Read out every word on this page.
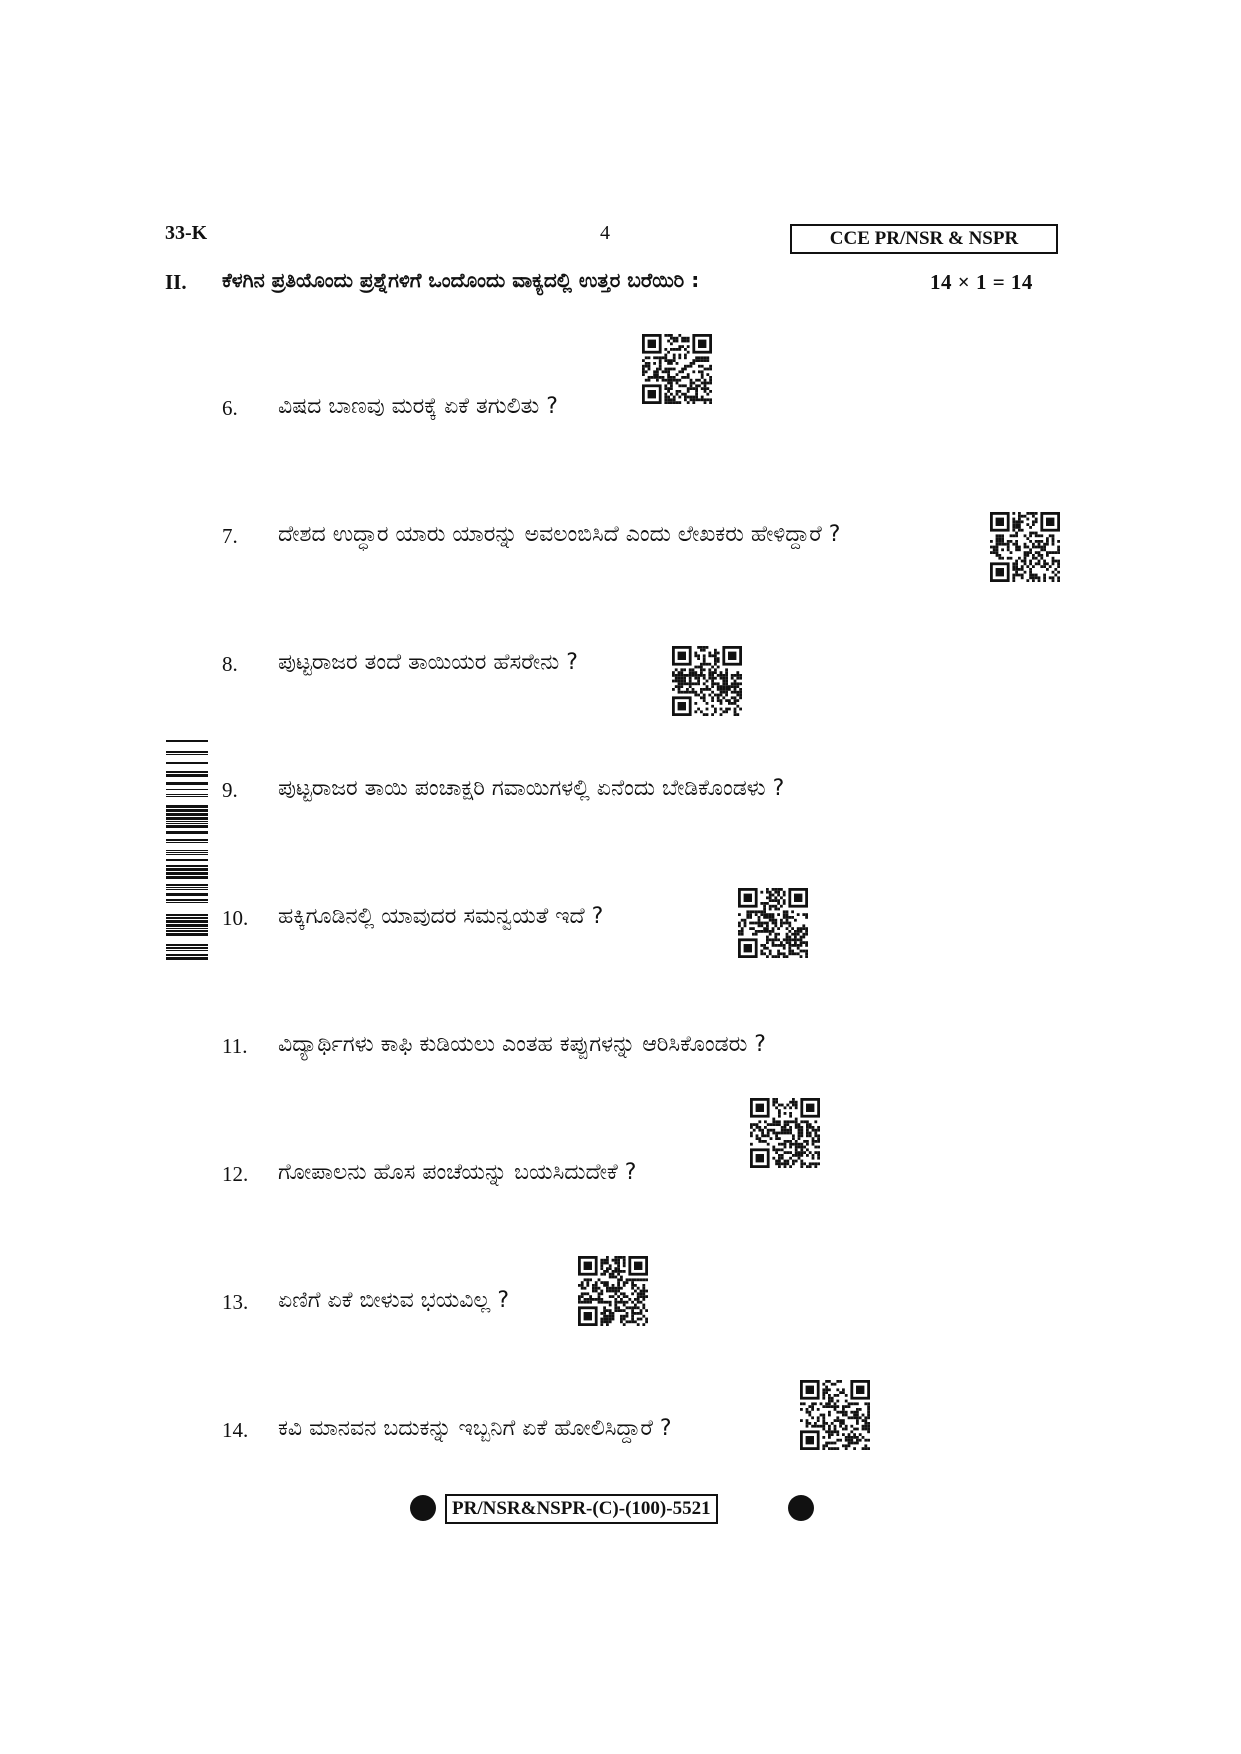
33-K	4	CCE PR/NSR & NSPR
II. ಕೆಳಗಿನ ಪ್ರತಿಯೊಂದು ಪ್ರಶ್ನೆಗಳಿಗೆ ಒಂದೊಂದು ವಾಕ್ಯದಲ್ಲಿ ಉತ್ತರ ಬರೆಯಿರಿ :	14 × 1 = 14
6. ವಿಷದ ಬಾಣವು ಮರಕ್ಕೆ ಏಕೆ ತಗುಲಿತು ?
7. ದೇಶದ ಉದ್ಧಾರ ಯಾರು ಯಾರನ್ನು ಅವಲಂಬಿಸಿದೆ ಎಂದು ಲೇಖಕರು ಹೇಳಿದ್ದಾರೆ ?
8. ಪುಟ್ಟರಾಜರ ತಂದೆ ತಾಯಿಯರ ಹೆಸರೇನು ?
9. ಪುಟ್ಟರಾಜರ ತಾಯಿ ಪಂಚಾಕ್ಷರಿ ಗವಾಯಿಗಳಲ್ಲಿ ಏನೆಂದು ಬೇಡಿಕೊಂಡಳು ?
10. ಹಕ್ಕಿಗೂಡಿನಲ್ಲಿ ಯಾವುದರ ಸಮನ್ವಯತೆ ಇದೆ ?
11. ವಿದ್ಯಾರ್ಥಿಗಳು ಕಾಫಿ ಕುಡಿಯಲು ಎಂತಹ ಕಪ್ಪುಗಳನ್ನು ಆರಿಸಿಕೊಂಡರು ?
12. ಗೋಪಾಲನು ಹೊಸ ಪಂಚೆಯನ್ನು ಬಯಸಿದುದೇಕೆ ?
13. ಏಣಿಗೆ ಏಕೆ ಬೀಳುವ ಭಯವಿಲ್ಲ ?
14. ಕವಿ ಮಾನವನ ಬದುಕನ್ನು ಇಬ್ಬನಿಗೆ ಏಕೆ ಹೋಲಿಸಿದ್ದಾರೆ ?
PR/NSR&NSPR-(C)-(100)-5521
